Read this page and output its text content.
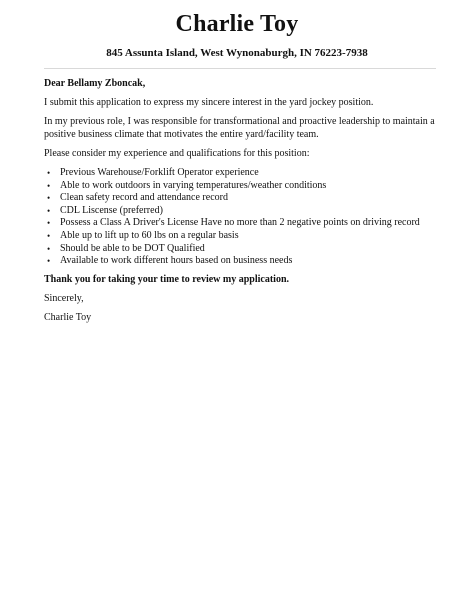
Charlie Toy
845 Assunta Island, West Wynonaburgh, IN 76223-7938

Dear Bellamy Zboncak,

I submit this application to express my sincere interest in the yard jockey position.

In my previous role, I was responsible for transformational and proactive leadership to maintain a positive business climate that motivates the entire yard/facility team.

Please consider my experience and qualifications for this position:

• Previous Warehouse/Forklift Operator experience
• Able to work outdoors in varying temperatures/weather conditions
• Clean safety record and attendance record
• CDL Liscense (preferred)
• Possess a Class A Driver's License Have no more than 2 negative points on driving record
• Able up to lift up to 60 lbs on a regular basis
• Should be able to be DOT Qualified
• Available to work different hours based on business needs

Thank you for taking your time to review my application.

Sincerely,

Charlie Toy
